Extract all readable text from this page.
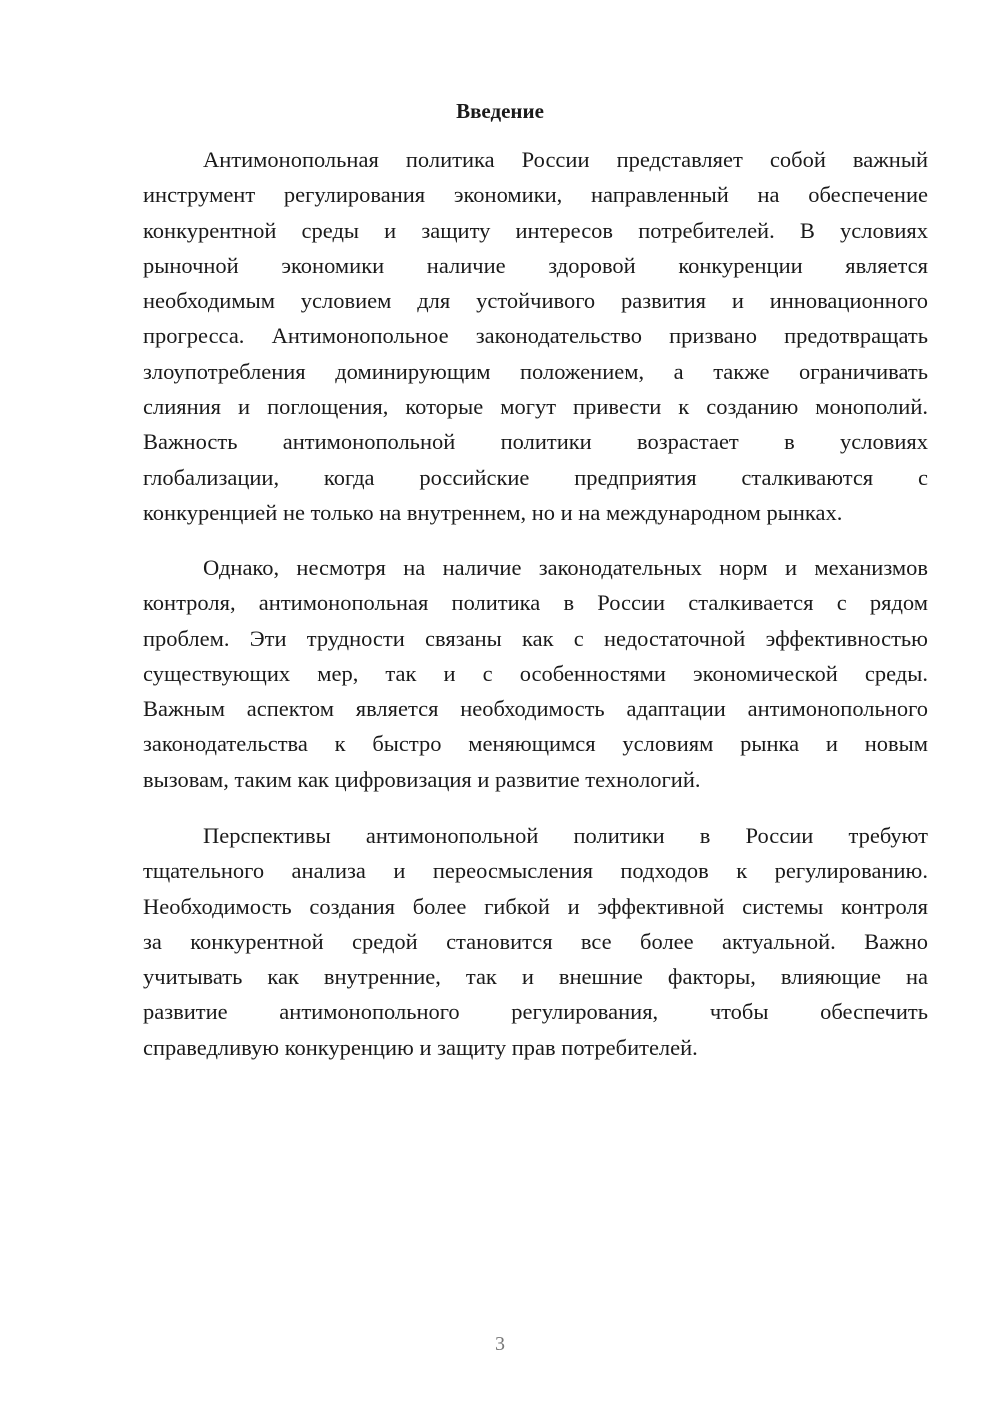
Введение
Антимонопольная политика России представляет собой важный
инструмент регулирования экономики, направленный на обеспечение
конкурентной среды и защиту интересов потребителей. В условиях
рыночной экономики наличие здоровой конкуренции является
необходимым условием для устойчивого развития и инновационного
прогресса. Антимонопольное законодательство призвано предотвращать
злоупотребления доминирующим положением, а также ограничивать
слияния и поглощения, которые могут привести к созданию монополий.
Важность антимонопольной политики возрастает в условиях
глобализации, когда российские предприятия сталкиваются с
конкуренцией не только на внутреннем, но и на международном рынках.
Однако, несмотря на наличие законодательных норм и механизмов
контроля, антимонопольная политика в России сталкивается с рядом
проблем. Эти трудности связаны как с недостаточной эффективностью
существующих мер, так и с особенностями экономической среды.
Важным аспектом является необходимость адаптации антимонопольного
законодательства к быстро меняющимся условиям рынка и новым
вызовам, таким как цифровизация и развитие технологий.
Перспективы антимонопольной политики в России требуют
тщательного анализа и переосмысления подходов к регулированию.
Необходимость создания более гибкой и эффективной системы контроля
за конкурентной средой становится все более актуальной. Важно
учитывать как внутренние, так и внешние факторы, влияющие на
развитие антимонопольного регулирования, чтобы обеспечить
справедливую конкуренцию и защиту прав потребителей.
3
